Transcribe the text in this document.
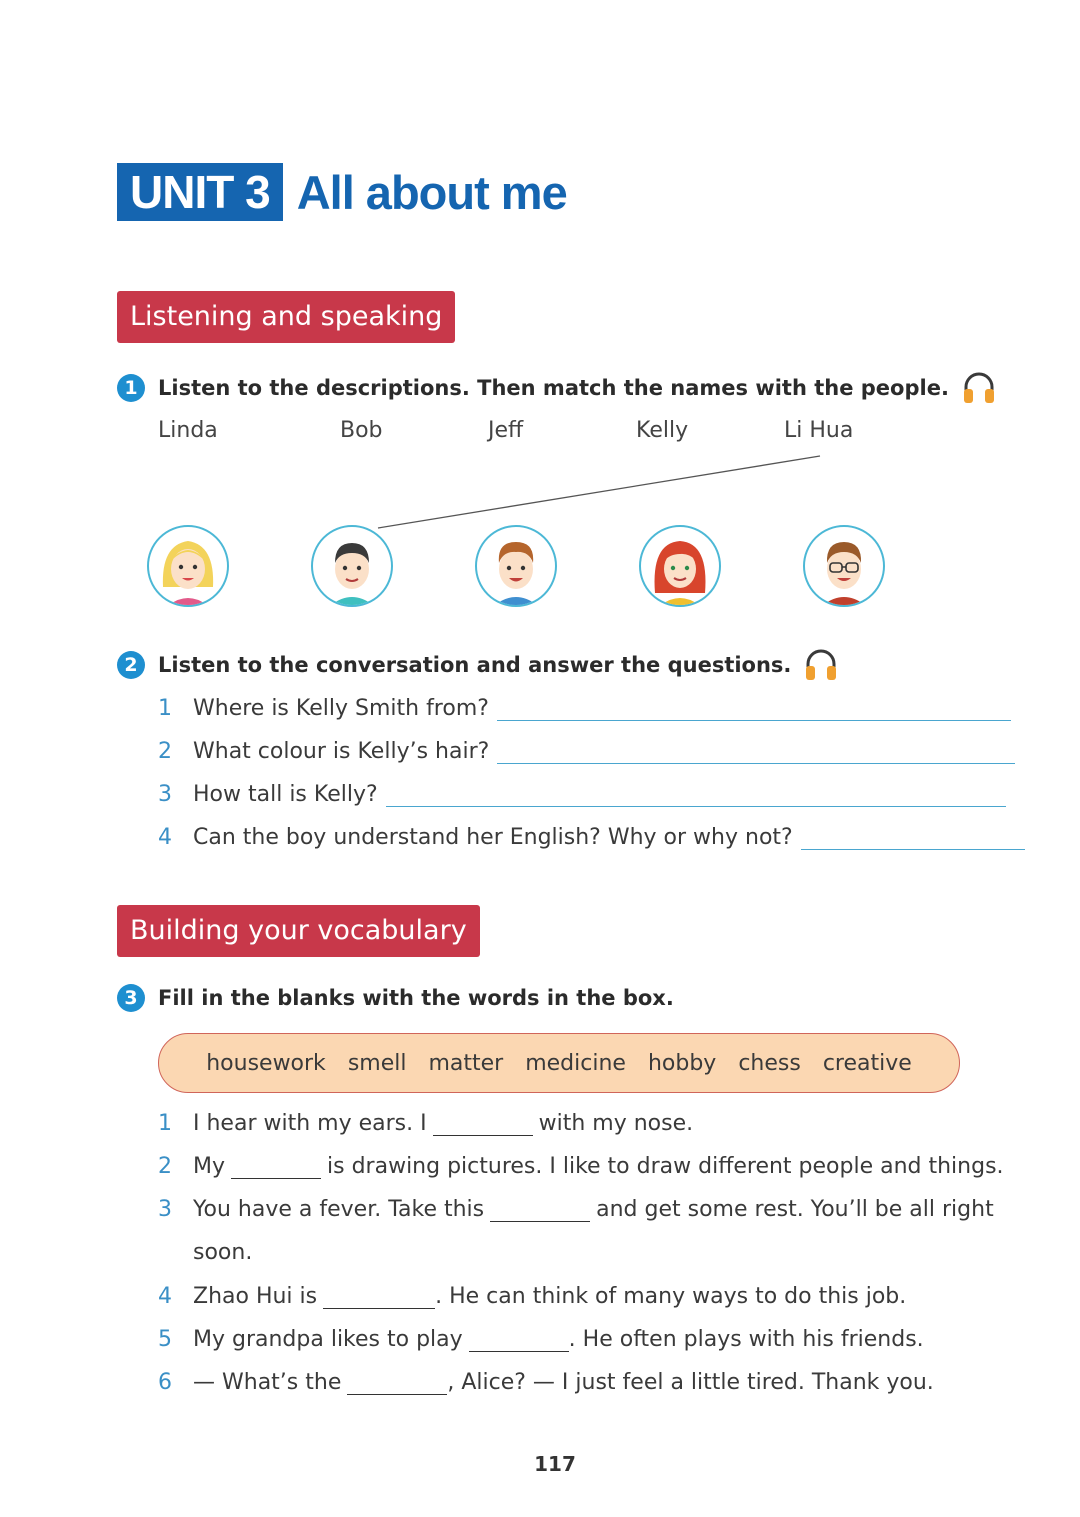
UNIT 3 All about me
Listening and speaking
1 Listen to the descriptions. Then match the names with the people.
Linda	Bob	Jeff	Kelly	Li Hua
2 Listen to the conversation and answer the questions.
1 Where is Kelly Smith from?
2 What colour is Kelly’s hair?
3 How tall is Kelly?
4 Can the boy understand her English? Why or why not?
Building your vocabulary
3 Fill in the blanks with the words in the box.
housework smell matter medicine hobby chess creative
1 I hear with my ears. I	with my nose.
2 My	is drawing pictures. I like to draw different people and things.
3 You have a fever. Take this	and get some rest. You’ll be all right
soon.
4 Zhao Hui is	. He can think of many ways to do this job.
5 My grandpa likes to play	. He often plays with his friends.
6 — What’s the	, Alice? — I just feel a little tired. Thank you.
117
